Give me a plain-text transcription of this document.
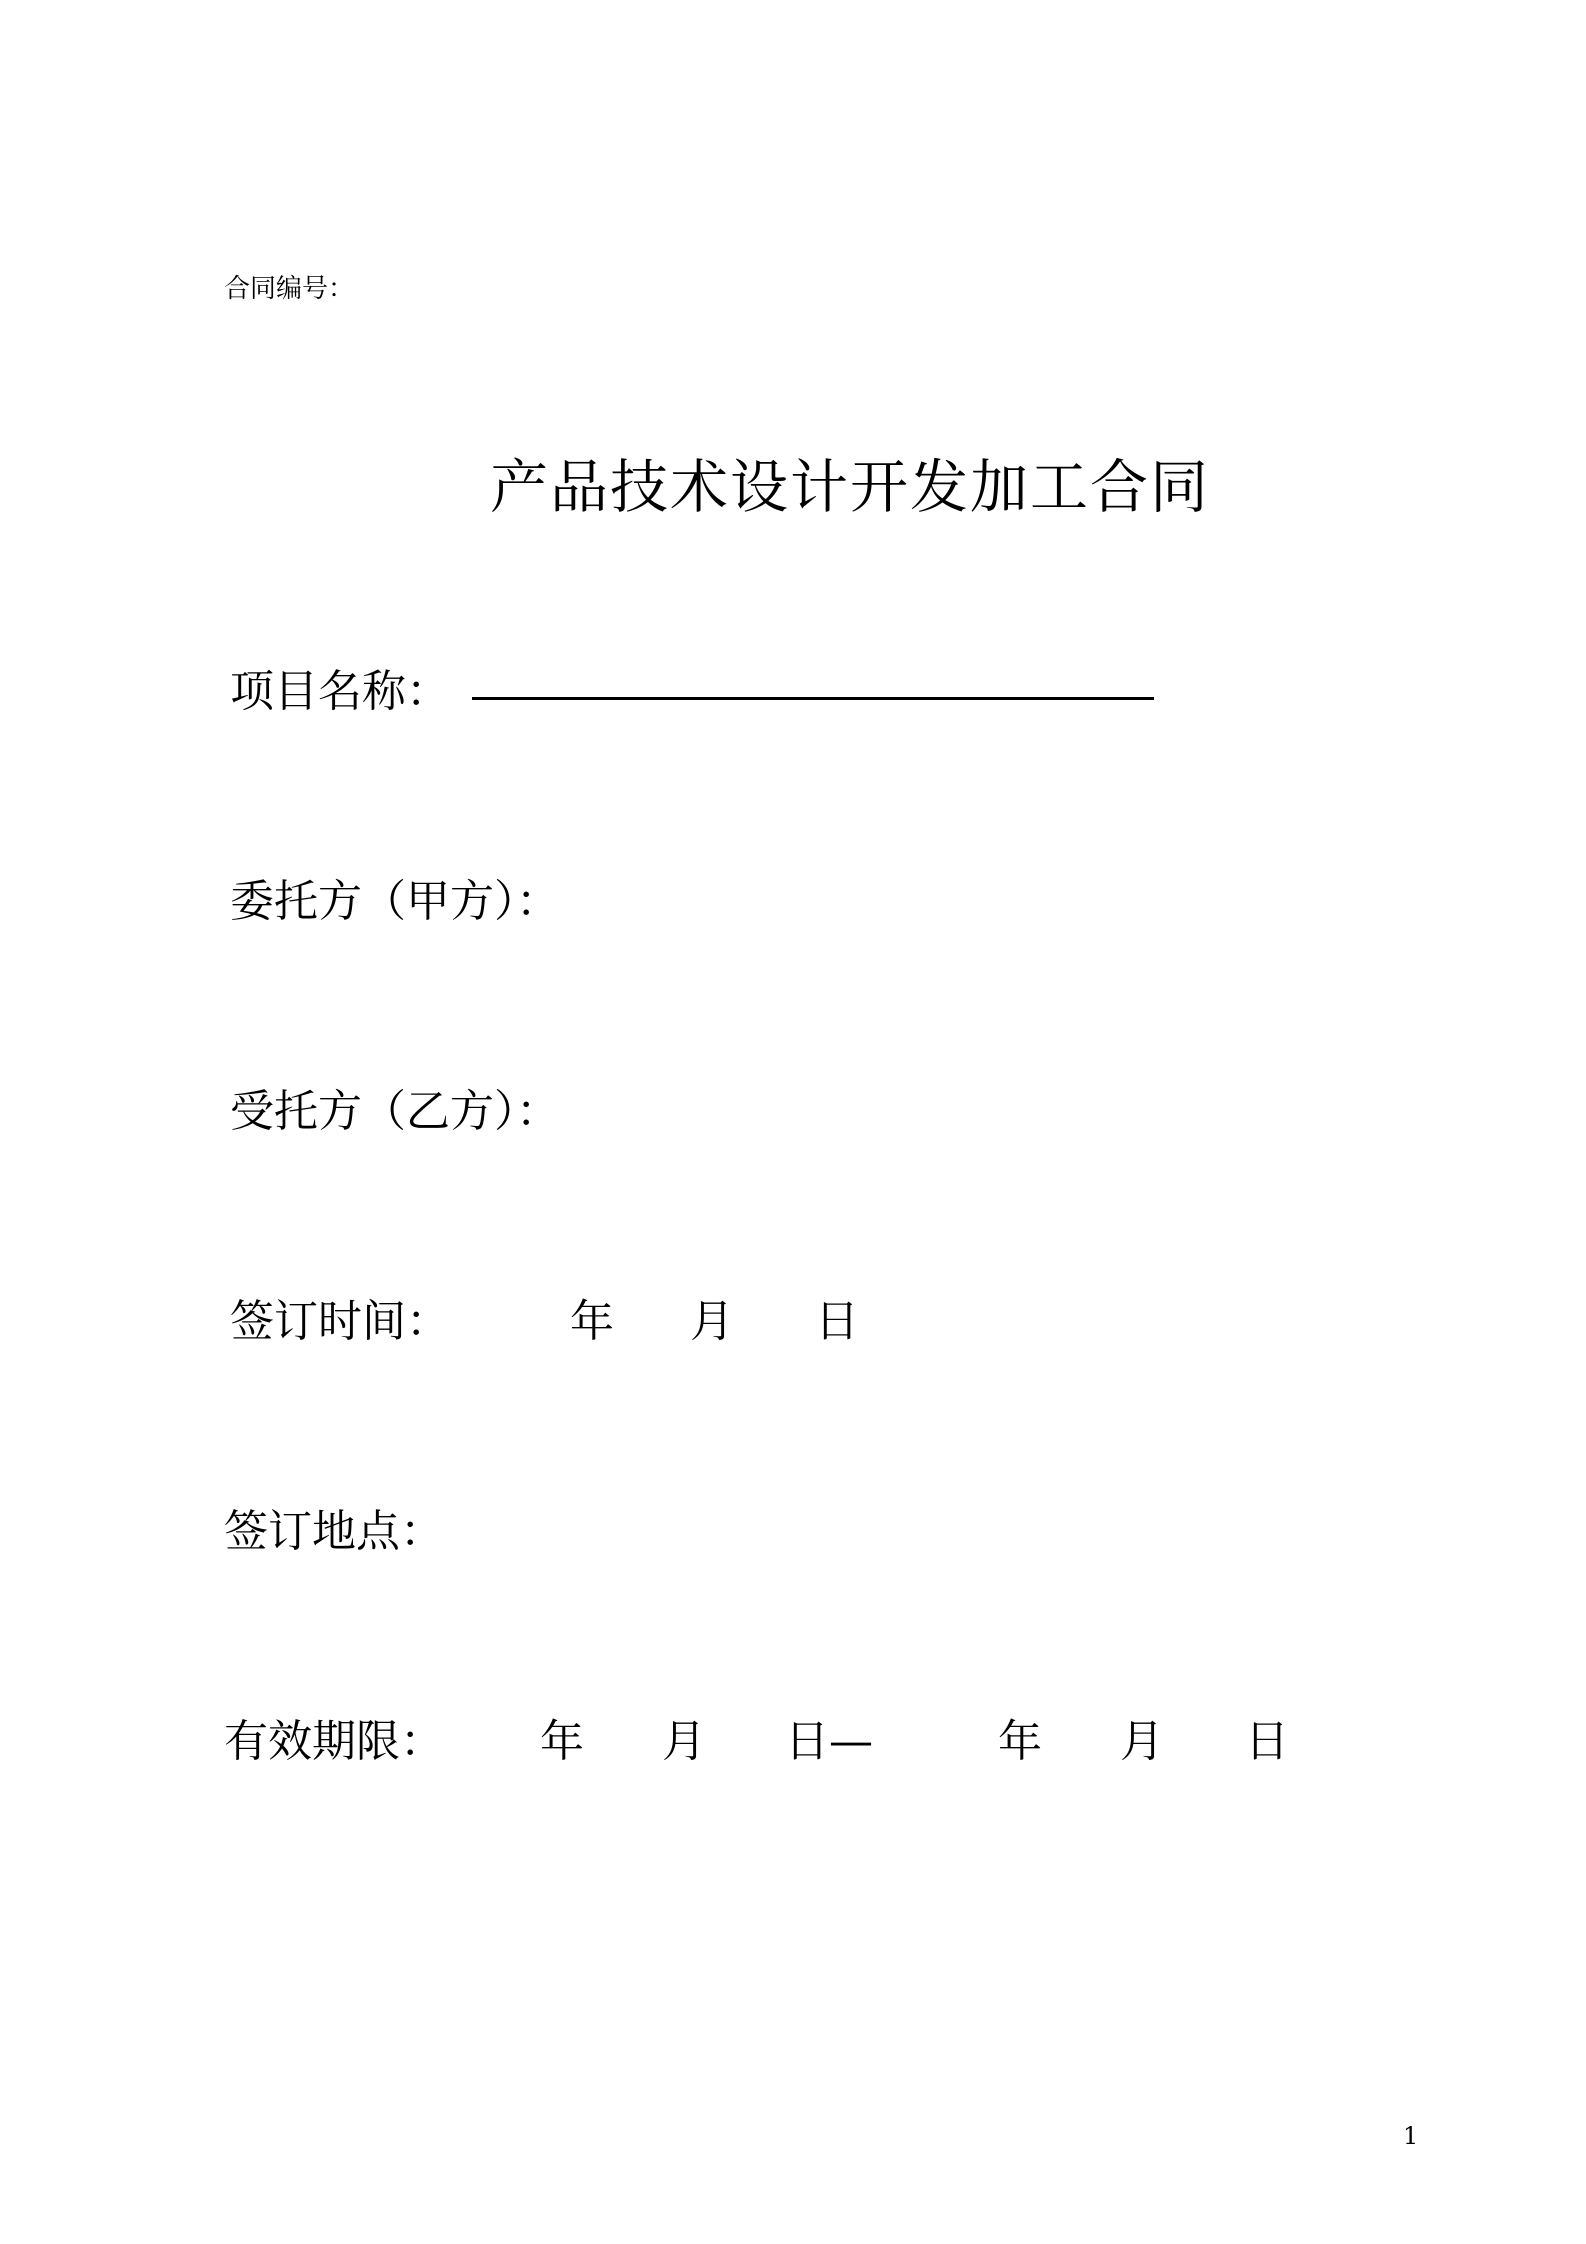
合同编号：
产品技术设计开发加工合同
项目名称：
委托方（甲方）：
受托方（乙方）：
签订时间：	年 月 日
签订地点：
有效期限： 年 月 日—	年 月 日
1
